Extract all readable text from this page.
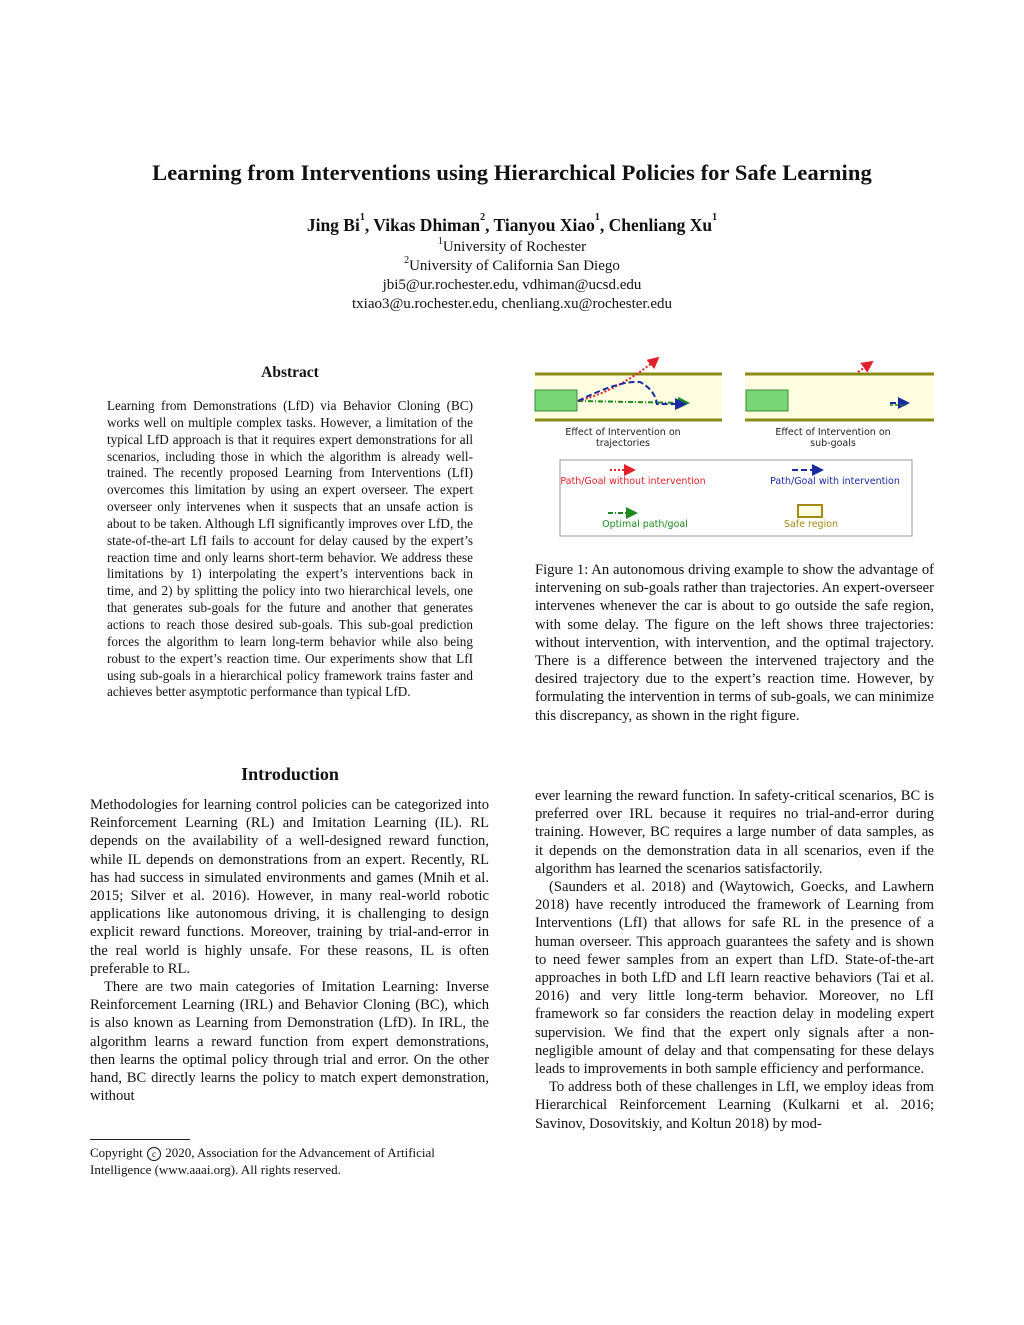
Learning from Interventions using Hierarchical Policies for Safe Learning
Jing Bi$^1$, Vikas Dhiman$^2$, Tianyou Xiao$^1$, Chenliang Xu$^1$
$^1$University of Rochester
$^2$University of California San Diego
jbi5@ur.rochester.edu, vdhiman@ucsd.edu
txiao3@u.rochester.edu, chenliang.xu@rochester.edu
Abstract
Learning from Demonstrations (LfD) via Behavior Cloning (BC) works well on multiple complex tasks. However, a limitation of the typical LfD approach is that it requires expert demonstrations for all scenarios, including those in which the algorithm is already well-trained. The recently proposed Learning from Interventions (LfI) overcomes this limitation by using an expert overseer. The expert overseer only intervenes when it suspects that an unsafe action is about to be taken. Although LfI significantly improves over LfD, the state-of-the-art LfI fails to account for delay caused by the expert’s reaction time and only learns short-term behavior. We address these limitations by 1) interpolating the expert’s interventions back in time, and 2) by splitting the policy into two hierarchical levels, one that generates sub-goals for the future and another that generates actions to reach those desired sub-goals. This sub-goal prediction forces the algorithm to learn long-term behavior while also being robust to the expert’s reaction time. Our experiments show that LfI using sub-goals in a hierarchical policy framework trains faster and achieves better asymptotic performance than typical LfD.
Effect of Intervention on
trajectories
Effect of Intervention on
sub-goals
Path/Goal without intervention	Path/Goal with intervention
Optimal path/goal	Safe region
Figure 1: An autonomous driving example to show the advantage of intervening on sub-goals rather than trajectories. An expert-overseer intervenes whenever the car is about to go outside the safe region, with some delay. The figure on the left shows three trajectories: without intervention, with intervention, and the optimal trajectory. There is a difference between the intervened trajectory and the desired trajectory due to the expert’s reaction time. However, by formulating the intervention in terms of sub-goals, we can minimize this discrepancy, as shown in the right figure.
Introduction

Methodologies for learning control policies can be categorized into Reinforcement Learning (RL) and Imitation Learning (IL). RL depends on the availability of a well-designed reward function, while IL depends on demonstrations from an expert. Recently, RL has had success in simulated environments and games (Mnih et al. 2015; Silver et al. 2016). However, in many real-world robotic applications like autonomous driving, it is challenging to design explicit reward functions. Moreover, training by trial-and-error in the real world is highly unsafe. For these reasons, IL is often preferable to RL.

There are two main categories of Imitation Learning: Inverse Reinforcement Learning (IRL) and Behavior Cloning (BC), which is also known as Learning from Demonstration (LfD). In IRL, the algorithm learns a reward function from expert demonstrations, then learns the optimal policy through trial and error. On the other hand, BC directly learns the policy to match expert demonstration, without

ever learning the reward function. In safety-critical scenarios, BC is preferred over IRL because it requires no trial-and-error during training. However, BC requires a large number of data samples, as it depends on the demonstration data in all scenarios, even if the algorithm has learned the scenarios satisfactorily.

(Saunders et al. 2018) and (Waytowich, Goecks, and Lawhern 2018) have recently introduced the framework of Learning from Interventions (LfI) that allows for safe RL in the presence of a human overseer. This approach guarantees the safety and is shown to need fewer samples from an expert than LfD. State-of-the-art approaches in both LfD and LfI learn reactive behaviors (Tai et al. 2016) and very little long-term behavior. Moreover, no LfI framework so far considers the reaction delay in modeling expert supervision. We find that the expert only signals after a non-negligible amount of delay and that compensating for these delays leads to improvements in both sample efficiency and performance.

To address both of these challenges in LfI, we employ ideas from Hierarchical Reinforcement Learning (Kulkarni et al. 2016; Savinov, Dosovitskiy, and Koltun 2018) by mod-

Copyright c 2020, Association for the Advancement of Artificial Intelligence (www.aaai.org). All rights reserved.
